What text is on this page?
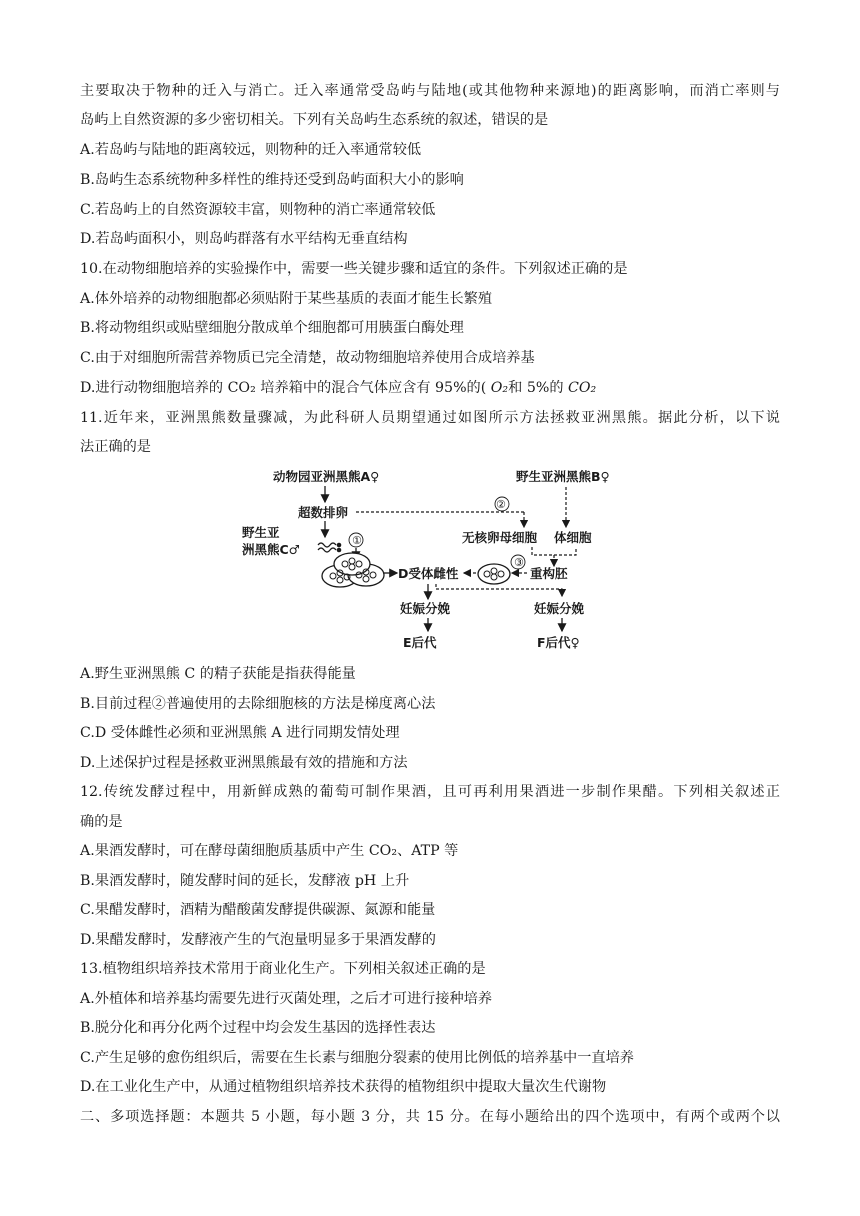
主要取决于物种的迁入与消亡。迁入率通常受岛屿与陆地(或其他物种来源地)的距离影响，而消亡率则与
岛屿上自然资源的多少密切相关。下列有关岛屿生态系统的叙述，错误的是
A.若岛屿与陆地的距离较远，则物种的迁入率通常较低
B.岛屿生态系统物种多样性的维持还受到岛屿面积大小的影响
C.若岛屿上的自然资源较丰富，则物种的消亡率通常较低
D.若岛屿面积小，则岛屿群落有水平结构无垂直结构
10.在动物细胞培养的实验操作中，需要一些关键步骤和适宜的条件。下列叙述正确的是
A.体外培养的动物细胞都必须贴附于某些基质的表面才能生长繁殖
B.将动物组织或贴壁细胞分散成单个细胞都可用胰蛋白酶处理
C.由于对细胞所需营养物质已完全清楚，故动物细胞培养使用合成培养基
D.进行动物细胞培养的 CO₂ 培养箱中的混合气体应含有 95%的( O₂和 5%的 CO₂
11.近年来，亚洲黑熊数量骤减，为此科研人员期望通过如图所示方法拯救亚洲黑熊。据此分析，以下说
法正确的是
动物园亚洲黑熊A♀
超数排卵
②
野生亚
洲黑熊C♂
①
D受体雌性
妊娠分娩
E后代
野生亚洲黑熊B♀
无核卵母细胞 体细胞
重构胚
③
妊娠分娩
F后代♀
A.野生亚洲黑熊 C 的精子获能是指获得能量
B.目前过程②普遍使用的去除细胞核的方法是梯度离心法
C.D 受体雌性必须和亚洲黑熊 A 进行同期发情处理
D.上述保护过程是拯救亚洲黑熊最有效的措施和方法
12.传统发酵过程中，用新鲜成熟的葡萄可制作果酒，且可再利用果酒进一步制作果醋。下列相关叙述正
确的是
A.果酒发酵时，可在酵母菌细胞质基质中产生 CO₂、ATP 等
B.果酒发酵时，随发酵时间的延长，发酵液 pH 上升
C.果醋发酵时，酒精为醋酸菌发酵提供碳源、氮源和能量
D.果醋发酵时，发酵液产生的气泡量明显多于果酒发酵的
13.植物组织培养技术常用于商业化生产。下列相关叙述正确的是
A.外植体和培养基均需要先进行灭菌处理，之后才可进行接种培养
B.脱分化和再分化两个过程中均会发生基因的选择性表达
C.产生足够的愈伤组织后，需要在生长素与细胞分裂素的使用比例低的培养基中一直培养
D.在工业化生产中，从通过植物组织培养技术获得的植物组织中提取大量次生代谢物
二、多项选择题：本题共 5 小题，每小题 3 分，共 15 分。在每小题给出的四个选项中，有两个或两个以
